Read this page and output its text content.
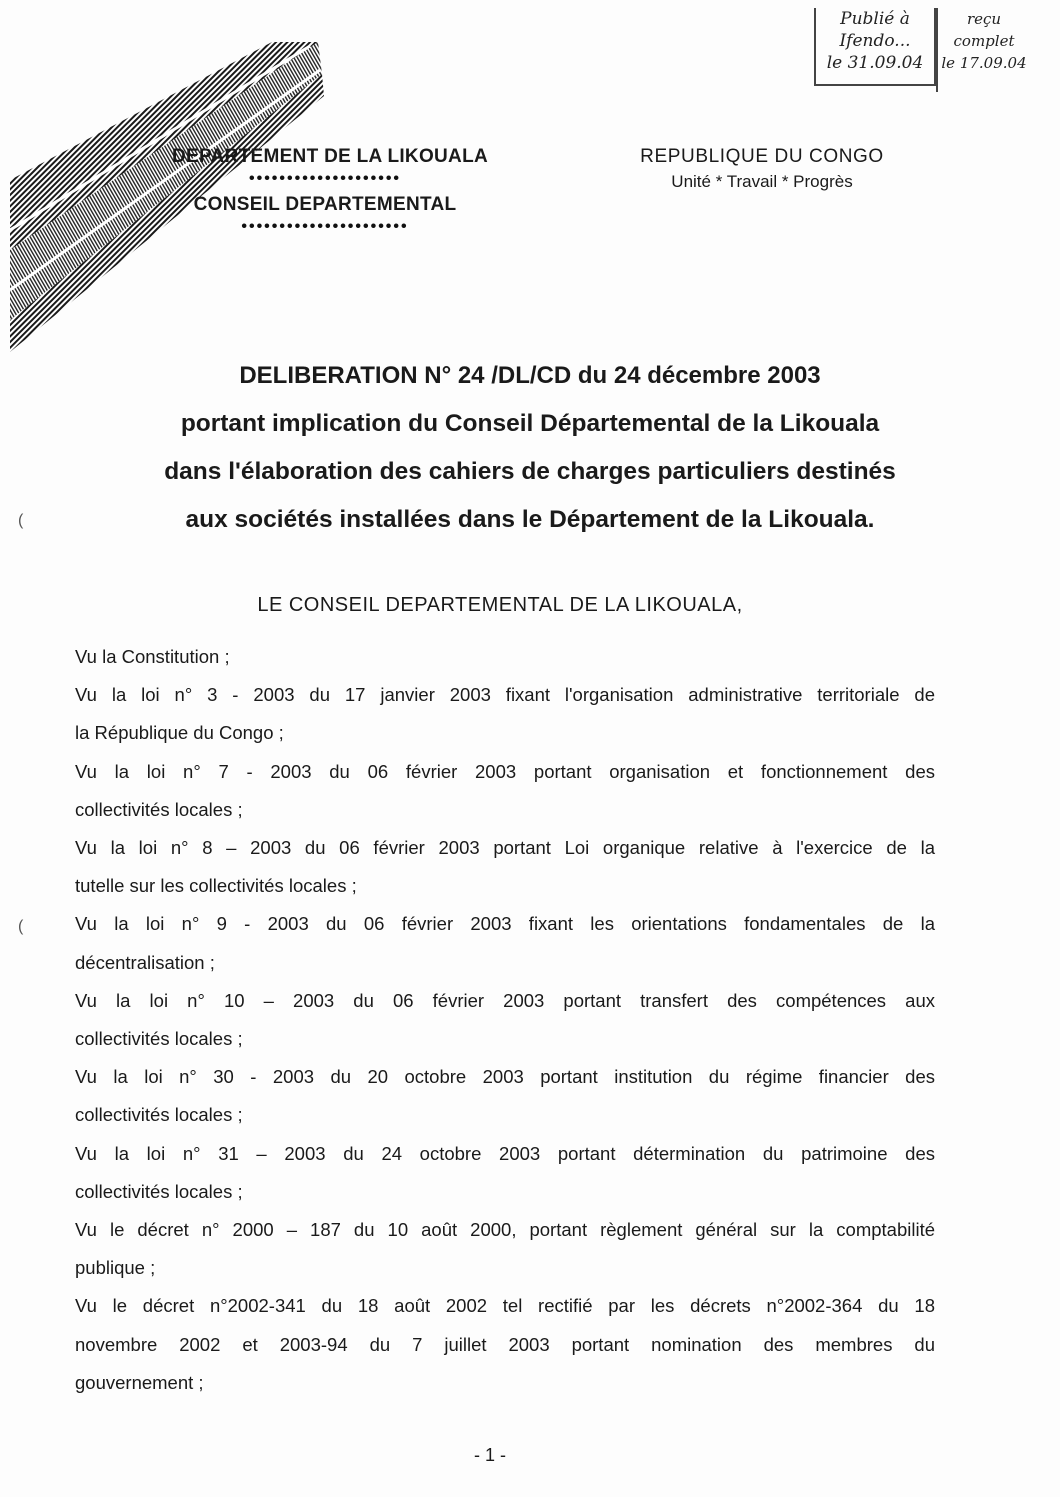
Publié à
Ifendo...
le 31.09.04
reçu
complet
le 17.09.04
DEPARTEMENT DE LA LIKOUALA
••••••••••••••••••••
CONSEIL DEPARTEMENTAL
••••••••••••••••••••••
REPUBLIQUE DU CONGO
Unité * Travail * Progrès
DELIBERATION N° 24 /DL/CD du 24 décembre 2003
portant implication du Conseil Départemental de la Likouala
dans l'élaboration des cahiers de charges particuliers destinés
aux sociétés installées dans le Département de la Likouala.
LE CONSEIL DEPARTEMENTAL DE LA LIKOUALA,

Vu la Constitution ;

Vu la loi n° 3 - 2003 du 17 janvier 2003 fixant l'organisation administrative territoriale de

la République du Congo ;

Vu la loi n° 7 - 2003 du 06 février 2003 portant organisation et fonctionnement des

collectivités locales ;

Vu la loi n° 8 – 2003 du 06 février 2003 portant Loi organique relative à l'exercice de la

tutelle sur les collectivités locales ;

Vu la loi n° 9 - 2003 du 06 février 2003 fixant les orientations fondamentales de la

décentralisation ;

Vu la loi n° 10 – 2003 du 06 février 2003 portant transfert des compétences aux

collectivités locales ;

Vu la loi n° 30 - 2003 du 20 octobre 2003 portant institution du régime financier des

collectivités locales ;

Vu la loi n° 31 – 2003 du 24 octobre 2003 portant détermination du patrimoine des

collectivités locales ;

Vu le décret n° 2000 – 187 du 10 août 2000, portant règlement général sur la comptabilité

publique ;

Vu le décret n°2002-341 du 18 août 2002 tel rectifié par les décrets n°2002-364 du 18

novembre 2002 et 2003-94 du 7 juillet 2003 portant nomination des membres du

gouvernement ;

(
(
- 1 -
